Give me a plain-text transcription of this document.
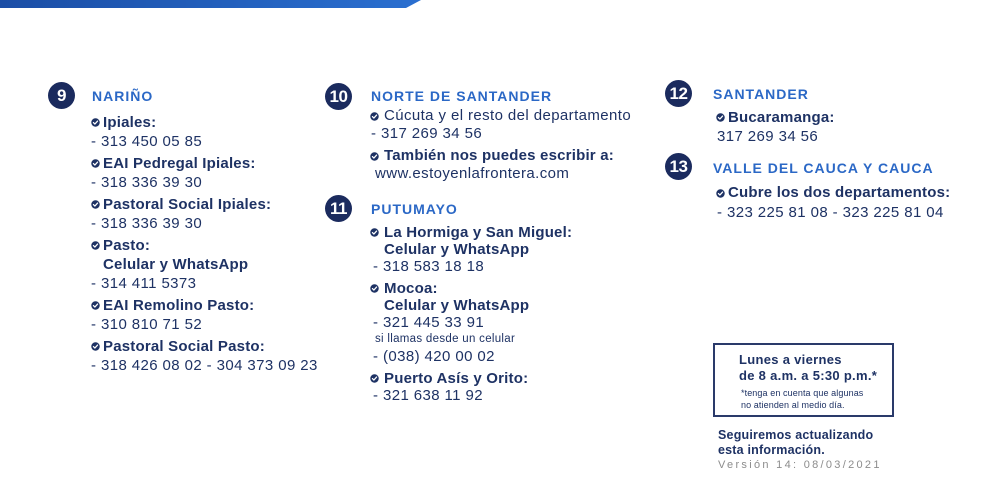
9	NARIÑO
Ipiales:
- 313 450 05 85
EAI Pedregal Ipiales:
- 318 336 39 30
Pastoral Social Ipiales:
- 318 336 39 30
Pasto:
Celular y WhatsApp
- 314 411 5373
EAI Remolino Pasto:
- 310 810 71 52
Pastoral Social Pasto:
- 318 426 08 02 - 304 373 09 23
10	NORTE DE SANTANDER
Cúcuta y el resto del departamento
- 317 269 34 56
También nos puedes escribir a:
www.estoyenlafrontera.com
11	PUTUMAYO
La Hormiga y San Miguel:
Celular y WhatsApp
- 318 583 18 18
Mocoa:
Celular y WhatsApp
- 321 445 33 91
si llamas desde un celular
- (038) 420 00 02
Puerto Asís y Orito:
- 321 638 11 92
12	SANTANDER
Bucaramanga:
317 269 34 56
13	VALLE DEL CAUCA Y CAUCA
Cubre los dos departamentos:
- 323 225 81 08 - 323 225 81 04
Lunes a viernes
de 8 a.m. a 5:30 p.m.*
*tenga en cuenta que algunas
no atienden al medio día.
Seguiremos actualizando
esta información.
Versión 14: 08/03/2021
